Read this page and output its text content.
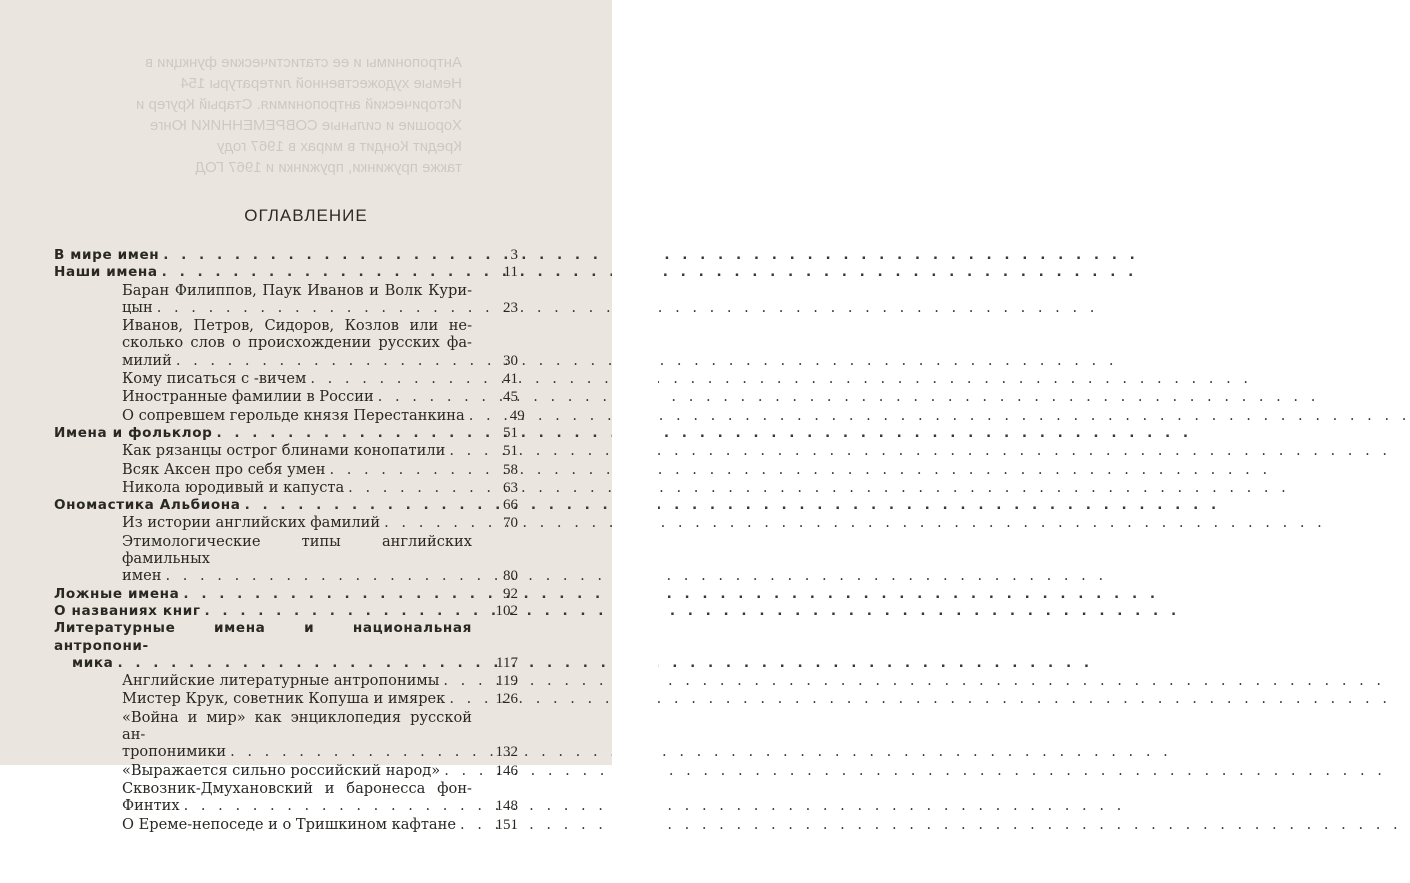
Антропонимы и ее статистические функции в
Немые художественной литературы 154
Исторический антропонимия. Старый Кругер и
Хорошие и сильные СОВРЕМЕННИКИ Юнге
Кредит Кондит в мирах в 1967 году
также пружинки, пружинки и 1967 ГОД
ОГЛАВЛЕНИЕ
В мире имен . . .	3
Наши имена . . .	11
Баран Филиппов, Паук Иванов и Волк Кури-
цын . . .	23
Иванов, Петров, Сидоров, Козлов или не-
сколько слов о происхождении русских фа-
милий . . .	30
Кому писаться с -вичем . . .	41
Иностранные фамилии в России . . .	45
О сопревшем герольде князя Перестанкина . . .	49
Имена и фольклор . . .	51
Как рязанцы острог блинами конопатили . . .	51
Всяк Аксен про себя умен . . .	58
Никола юродивый и капуста . . .	63
Ономастика Альбиона . . .	66
Из истории английских фамилий . . .	70
Этимологические типы английских фамильных
имен . . .	80
Ложные имена . . .	92
О названиях книг . . .	102
Литературные имена и национальная антропони-
мика . . .	117
Английские литературные антропонимы . . .	119
Мистер Крук, советник Копуша и имярек . . .	126
«Война и мир» как энциклопедия русской ан-
тропонимики . . .	132
«Выражается сильно российский народ» . . .	146
Сквозник-Дмухановский и баронесса фон-
Финтих . . .	148
О Ереме-непоседе и о Тришкином кафтане . . .	151
